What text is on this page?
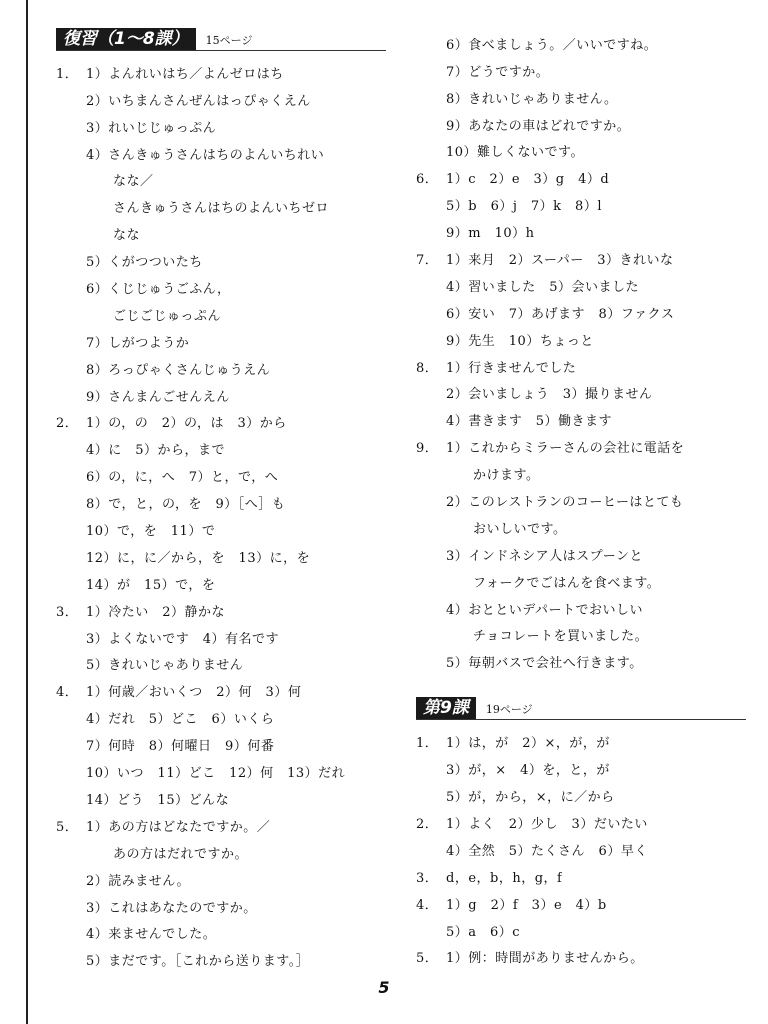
復習（1〜8課）	15ページ
1． 1）よんれいはち／よんゼロはち
2）いちまんさんぜんはっぴゃくえん
3）れいじじゅっぷん
4）さんきゅうさんはちのよんいちれい
　　なな／
　　さんきゅうさんはちのよんいちゼロ
　　なな
5）くがつついたち
6）くじじゅうごふん，
　　ごじごじゅっぷん
7）しがつようか
8）ろっぴゃくさんじゅうえん
9）さんまんごせんえん
2． 1）の，の　2）の，は　3）から
4）に　5）から，まで
6）の，に，へ　7）と，で，へ
8）で，と，の，を　9）［へ］も
10）で，を　11）で
12）に，に／から，を　13）に，を
14）が　15）で，を
3． 1）冷たい　2）静かな
3）よくないです　4）有名です
5）きれいじゃありません
4． 1）何歳／おいくつ　2）何　3）何
4）だれ　5）どこ　6）いくら
7）何時　8）何曜日　9）何番
10）いつ　11）どこ　12）何　13）だれ
14）どう　15）どんな
5． 1）あの方はどなたですか。／
　　あの方はだれですか。
2）読みません。
3）これはあなたのですか。
4）来ませんでした。
5）まだです。［これから送ります。］
6）食べましょう。／いいですね。
7）どうですか。
8）きれいじゃありません。
9）あなたの車はどれですか。
10）難しくないです。
6． 1）c　2）e　3）g　4）d
5）b　6）j　7）k　8）l
9）m　10）h
7． 1）来月　2）スーパー　3）きれいな
4）習いました　5）会いました
6）安い　7）あげます　8）ファクス
9）先生　10）ちょっと
8． 1）行きませんでした
2）会いましょう　3）撮りません
4）書きます　5）働きます
9． 1）これからミラーさんの会社に電話を
　　かけます。
2）このレストランのコーヒーはとても
　　おいしいです。
3）インドネシア人はスプーンと
　　フォークでごはんを食べます。
4）おとといデパートでおいしい
　　チョコレートを買いました。
5）毎朝バスで会社へ行きます。
第9課	19ページ
1． 1）は，が　2）×，が，が
3）が，×　4）を，と，が
5）が，から，×，に／から
2． 1）よく　2）少し　3）だいたい
4）全然　5）たくさん　6）早く
3． d，e，b，h，g，f
4． 1）g　2）f　3）e　4）b
5）a　6）c
5． 1）例：時間がありませんから。
5
